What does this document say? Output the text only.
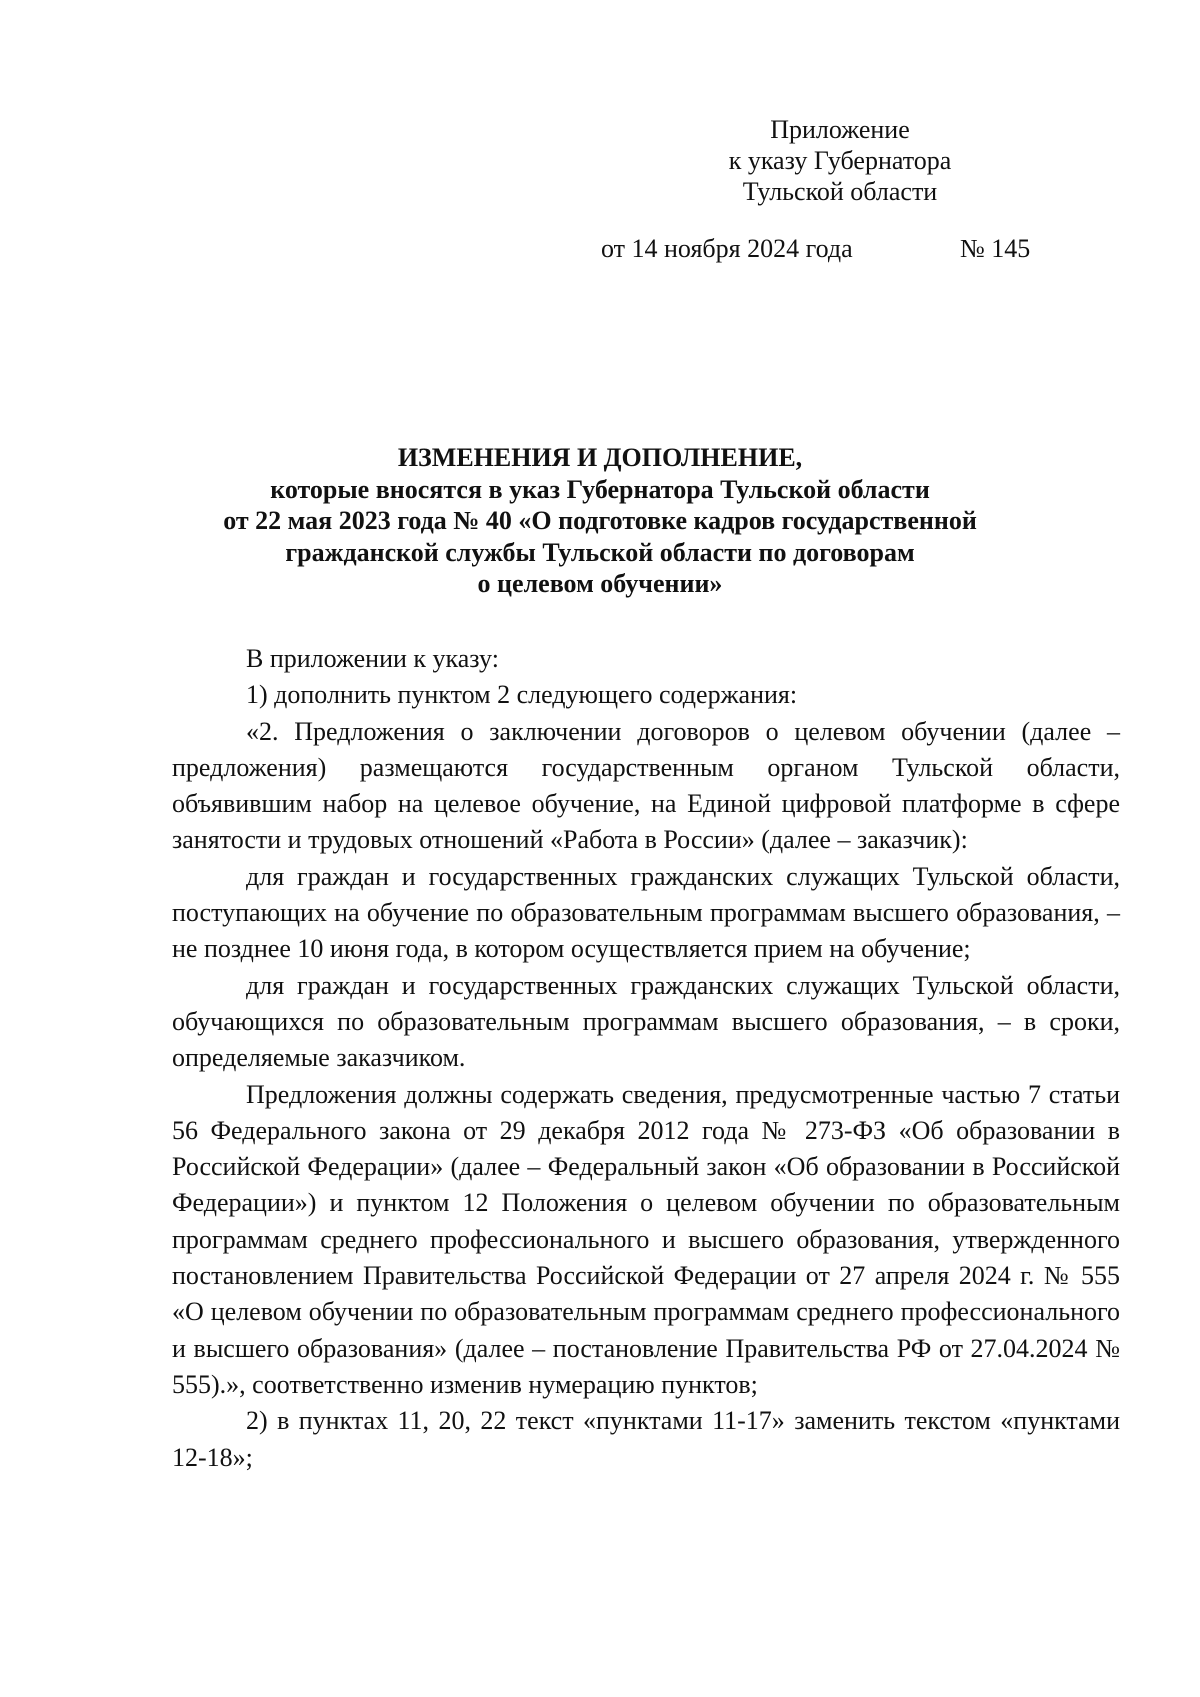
Приложение
к указу Губернатора
Тульской области
от 14 ноября 2024 года	№ 145
ИЗМЕНЕНИЯ И ДОПОЛНЕНИЕ,
которые вносятся в указ Губернатора Тульской области
от 22 мая 2023 года № 40 «О подготовке кадров государственной
гражданской службы Тульской области по договорам
о целевом обучении»

В приложении к указу:

1) дополнить пунктом 2 следующего содержания:

«2. Предложения о заключении договоров о целевом обучении (далее – предложения) размещаются государственным органом Тульской области, объявившим набор на целевое обучение, на Единой цифровой платформе в сфере занятости и трудовых отношений «Работа в России» (далее – заказчик):

для граждан и государственных гражданских служащих Тульской области, поступающих на обучение по образовательным программам высшего образования, – не позднее 10 июня года, в котором осуществляется прием на обучение;

для граждан и государственных гражданских служащих Тульской области, обучающихся по образовательным программам высшего образования, – в сроки, определяемые заказчиком.

Предложения должны содержать сведения, предусмотренные частью 7 статьи 56 Федерального закона от 29 декабря 2012 года № 273-ФЗ «Об образовании в Российской Федерации» (далее – Федеральный закон «Об образовании в Российской Федерации») и пунктом 12 Положения о целевом обучении по образовательным программам среднего профессионального и высшего образования, утвержденного постановлением Правительства Российской Федерации от 27 апреля 2024 г. № 555 «О целевом обучении по образовательным программам среднего профессионального и высшего образования» (далее – постановление Правительства РФ от 27.04.2024 № 555).», соответственно изменив нумерацию пунктов;

2) в пунктах 11, 20, 22 текст «пунктами 11-17» заменить текстом «пунктами 12-18»;
